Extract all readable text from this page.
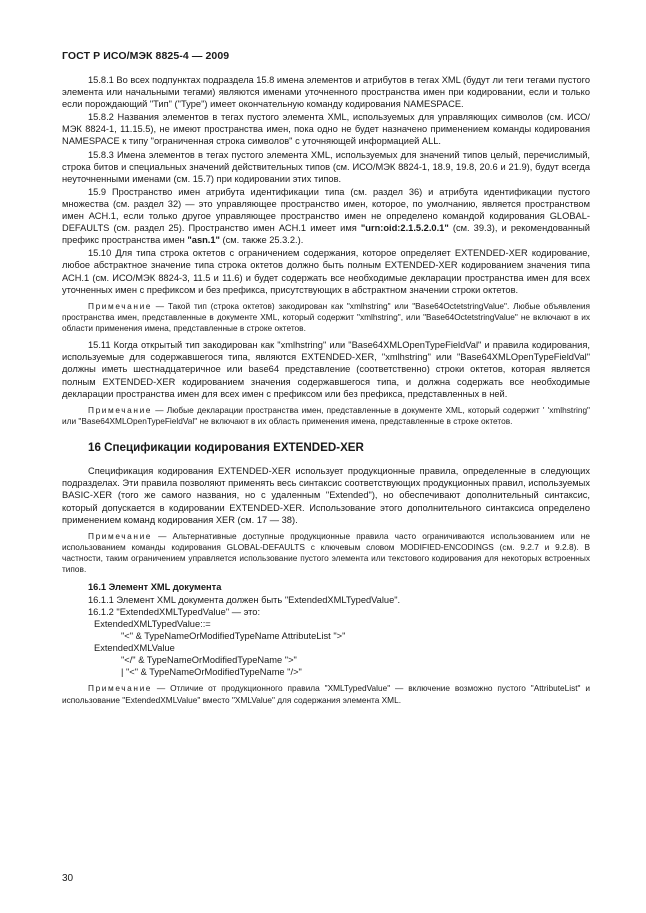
ГОСТ Р ИСО/МЭК 8825-4 — 2009

15.8.1 Во всех подпунктах подраздела 15.8 имена элементов и атрибутов в тегах XML (будут ли теги тегами пустого элемента или начальными тегами) являются именами уточненного пространства имен при кодировании, если и только если порождающий "Тип" ("Type") имеет окончательную команду кодирования NAMESPACE.

15.8.2 Названия элементов в тегах пустого элемента XML, используемых для управляющих символов (см. ИСО/МЭК 8824-1, 11.15.5), не имеют пространства имен, пока одно не будет назначено применением команды кодирования NAMESPACE к типу "ограниченная строка символов" с уточняющей информацией ALL.

15.8.3 Имена элементов в тегах пустого элемента XML, используемых для значений типов целый, перечислимый, строка битов и специальных значений действительных типов (см. ИСО/МЭК 8824-1, 18.9, 19.8, 20.6 и 21.9), будут всегда неуточненными именами (см. 15.7) при кодировании этих типов.

15.9 Пространство имен атрибута идентификации типа (см. раздел 36) и атрибута идентификации пустого множества (см. раздел 32) — это управляющее пространство имен, которое, по умолчанию, является пространством имен АСН.1, если только другое управляющее пространство имен не определено командой кодирования GLOBAL-DEFAULTS (см. раздел 25). Пространство имен АСН.1 имеет имя "urn:oid:2.1.5.2.0.1" (см. 39.3), и рекомендованный префикс пространства имен "asn.1" (см. также 25.3.2.).

15.10 Для типа строка октетов с ограничением содержания, которое определяет EXTENDED-XER кодирование, любое абстрактное значение типа строка октетов должно быть полным EXTENDED-XER кодированием значения типа АСН.1 (см. ИСО/МЭК 8824-3, 11.5 и 11.6) и будет содержать все необходимые декларации пространства имен для всех уточненных имен с префиксом и без префикса, присутствующих в абстрактном значении строки октетов.

Примечание — Такой тип (строка октетов) закодирован как "xmlhstring" или "Base64OctetstringValue". Любые объявления пространства имен, представленные в документе XML, который содержит "xmlhstring", или "Base64OctetstringValue" не включают в их области применения имена, представленные в строке октетов.

15.11 Когда открытый тип закодирован как "xmlhstring" или "Base64XMLOpenTypeFieldVal" и правила кодирования, используемые для содержавшегося типа, являются EXTENDED-XER, "xmlhstring" или "Base64XMLOpenTypeFieldVal" должны иметь шестнадцатеричное или base64 представление (соответственно) строки октетов, которая является полным EXTENDED-XER кодированием значения содержавшегося типа, и должна содержать все необходимые декларации пространства имен для всех имен с префиксом или без префикса, представленных в ней.

Примечание — Любые декларации пространства имен, представленные в документе XML, который содержит ' 'xmlhstring" или "Base64XMLOpenTypeFieldVal" не включают в их область применения имена, представленные в строке октетов.

16 Спецификации кодирования EXTENDED-XER

Спецификация кодирования EXTENDED-XER использует продукционные правила, определенные в следующих подразделах. Эти правила позволяют применять весь синтаксис соответствующих продукционных правил, используемых BASIC-XER (того же самого названия, но с удаленным "Extended"), но обеспечивают дополнительный синтаксис, который допускается в кодировании EXTENDED-XER. Использование этого дополнительного синтаксиса определено применением команд кодирования XER (см. 17 — 38).

Примечание — Альтернативные доступные продукционные правила часто ограничиваются использованием или не использованием команды кодирования GLOBAL-DEFAULTS с ключевым словом MODIFIED-ENCODINGS (см. 9.2.7 и 9.2.8). В частности, таким ограничением управляется использование пустого элемента или текстового кодирования для некоторых встроенных типов.

16.1 Элемент XML документа
16.1.1 Элемент XML документа должен быть "ExtendedXMLTypedValue".
16.1.2 "ExtendedXMLTypedValue" — это:
ExtendedXMLTypedValue::=
"<" & TypeNameOrModifiedTypeName AttributeList ">"
ExtendedXMLValue
"</" & TypeNameOrModifiedTypeName ">"
| "<" & TypeNameOrModifiedTypeName "/>"

Примечание — Отличие от продукционного правила "XMLTypedValue" — включение возможно пустого "AttributeList" и использование "ExtendedXMLValue" вместо "XMLValue" для содержания элемента XML.

30
